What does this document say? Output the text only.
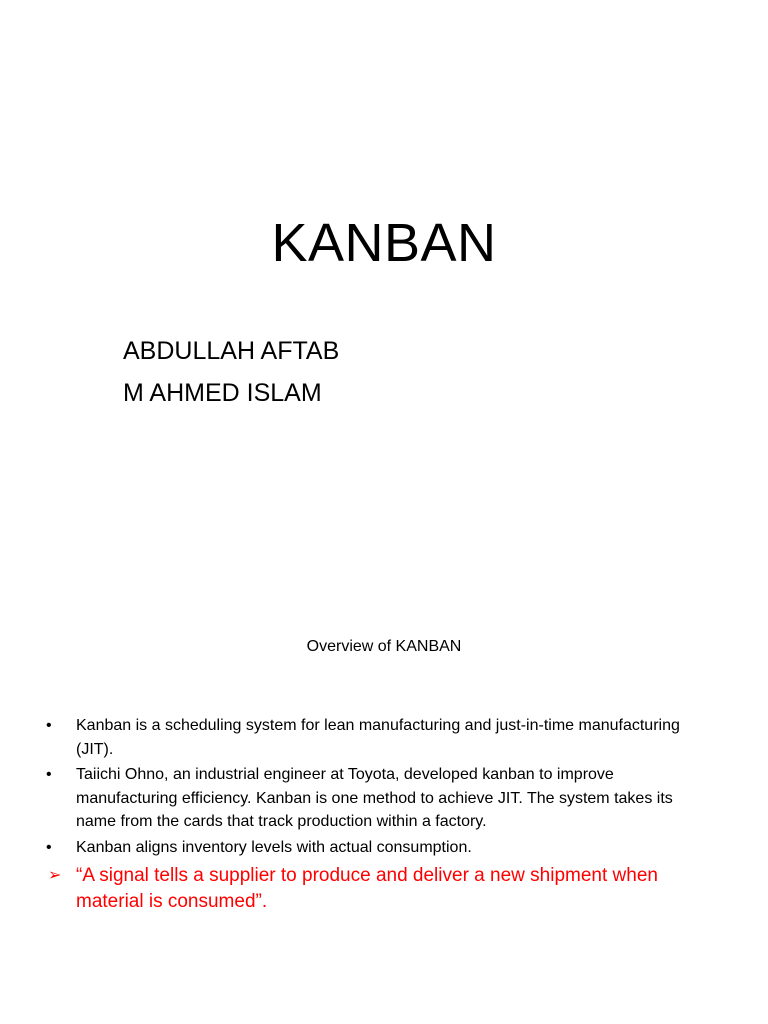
KANBAN
ABDULLAH AFTAB
M AHMED ISLAM
Overview of KANBAN
•	Kanban is a scheduling system for lean manufacturing and just-in-time manufacturing (JIT).
•	Taiichi Ohno, an industrial engineer at Toyota, developed kanban to improve manufacturing efficiency. Kanban is one method to achieve JIT. The system takes its name from the cards that track production within a factory.
•	Kanban aligns inventory levels with actual consumption.
➢ “A signal tells a supplier to produce and deliver a new shipment when material is consumed”.
